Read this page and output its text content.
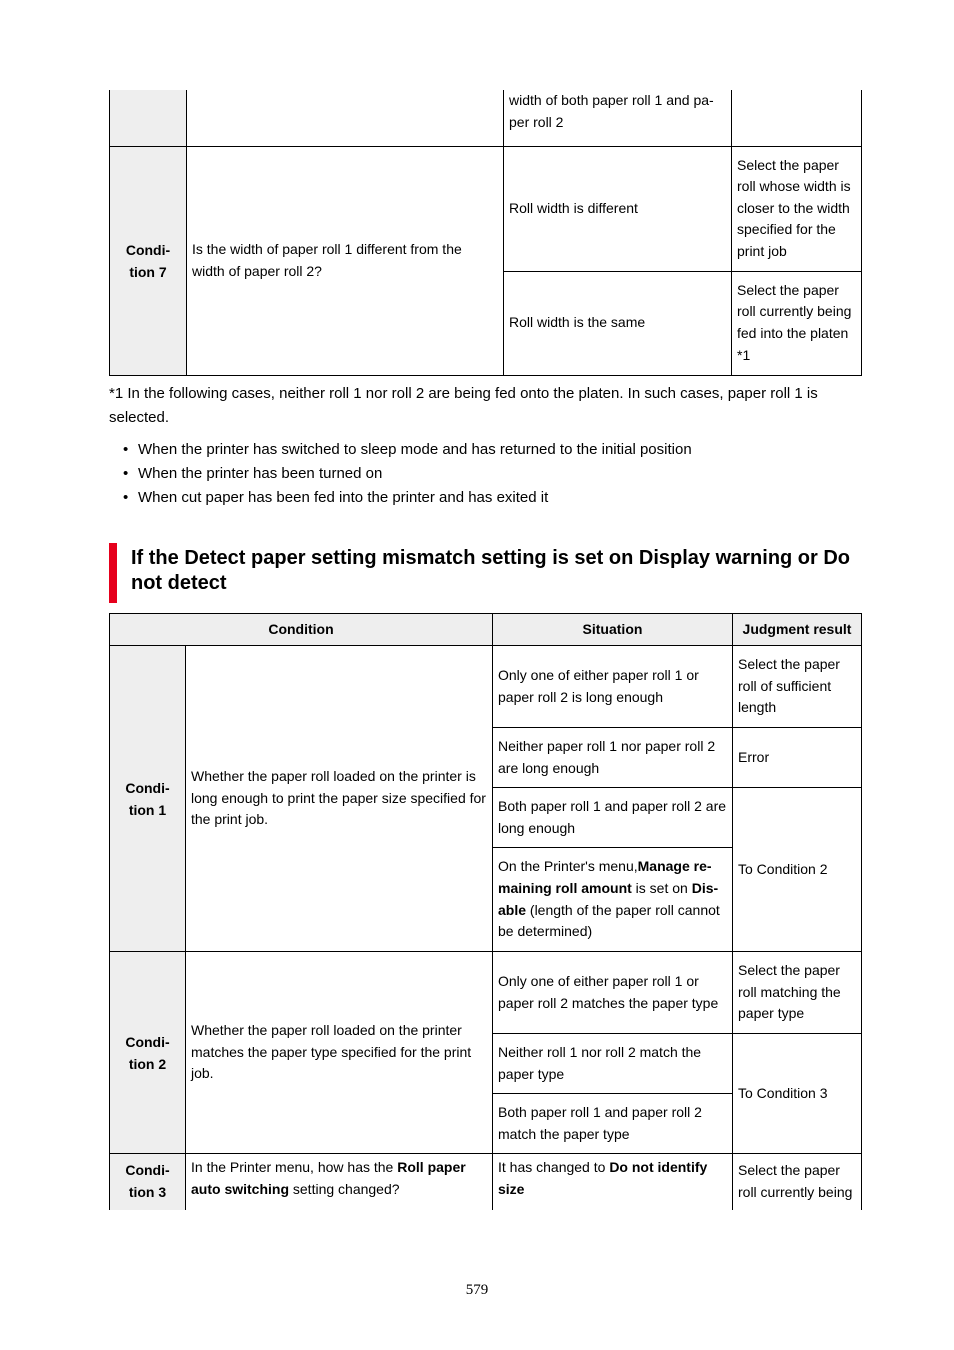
		width of both paper roll 1 and pa-
per roll 2	
Condi-
tion 7	Is the width of paper roll 1 different from the width of paper roll 2?	Roll width is different	Select the paper roll whose width is closer to the width specified for the print job
		Roll width is the same	Select the paper roll currently being fed into the platen *1
*1 In the following cases, neither roll 1 nor roll 2 are being fed onto the platen. In such cases, paper roll 1 is selected.
• When the printer has switched to sleep mode and has returned to the initial position
• When the printer has been turned on
• When cut paper has been fed into the printer and has exited it
If the Detect paper setting mismatch setting is set on Display warning or Do not detect
Condition		Situation	Judgment result
Condi-
tion 1	Whether the paper roll loaded on the printer is long enough to print the paper size specified for the print job.	Only one of either paper roll 1 or paper roll 2 is long enough	Select the paper roll of sufficient length
		Neither paper roll 1 nor paper roll 2 are long enough	Error
		Both paper roll 1 and paper roll 2 are long enough	To Condition 2
		On the Printer's menu,Manage re-maining roll amount is set on Dis-able (length of the paper roll cannot be determined)	
Condi-
tion 2	Whether the paper roll loaded on the printer matches the paper type specified for the print job.	Only one of either paper roll 1 or paper roll 2 matches the paper type	Select the paper roll matching the paper type
		Neither roll 1 nor roll 2 match the paper type	To Condition 3
		Both paper roll 1 and paper roll 2 match the paper type	
Condi-
tion 3	In the Printer menu, how has the Roll paper auto switching setting changed?	It has changed to Do not identify size	Select the paper roll currently being
579
